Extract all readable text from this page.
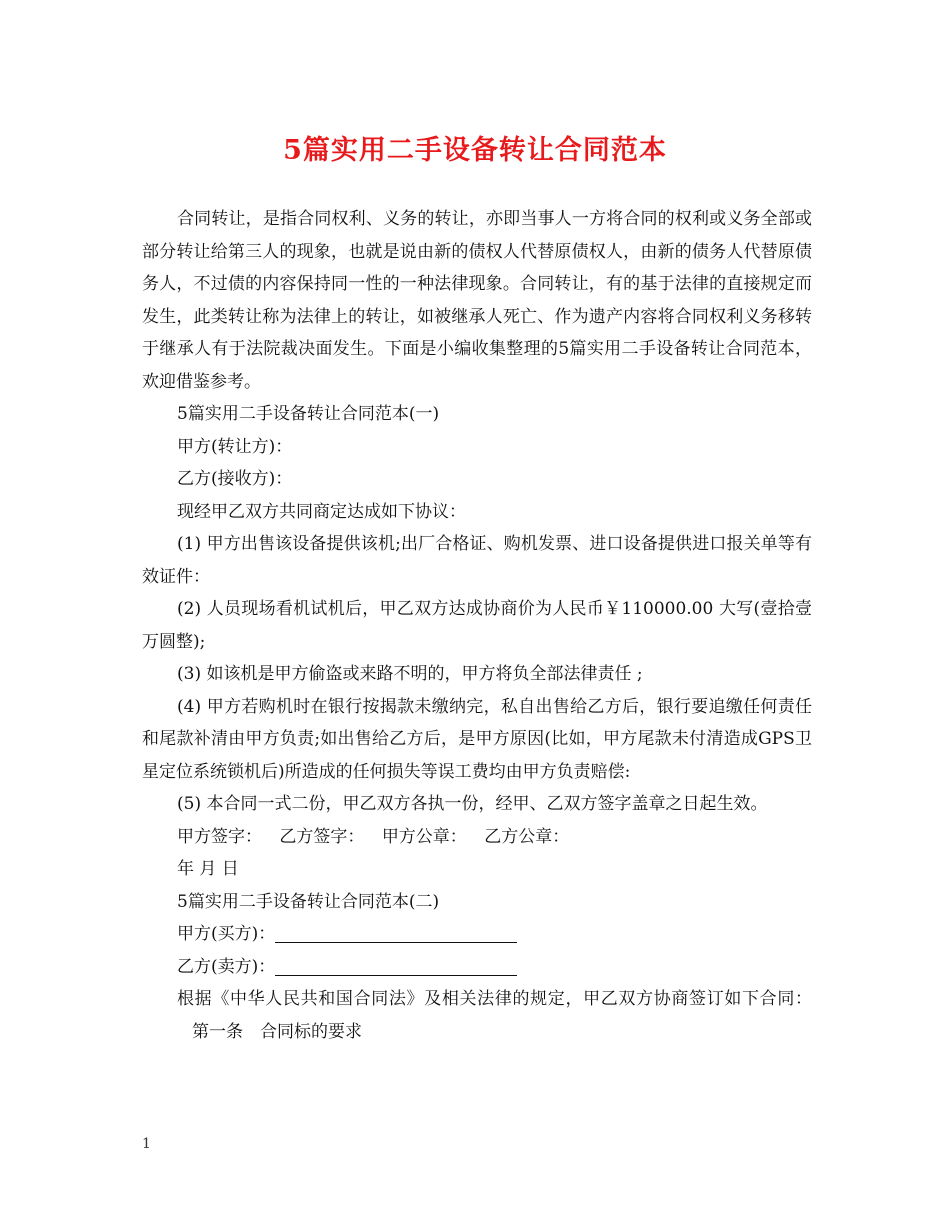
5篇实用二手设备转让合同范本

合同转让，是指合同权利、义务的转让，亦即当事人一方将合同的权利或义务全部或部分转让给第三人的现象，也就是说由新的债权人代替原债权人，由新的债务人代替原债务人，不过债的内容保持同一性的一种法律现象。合同转让，有的基于法律的直接规定而发生，此类转让称为法律上的转让，如被继承人死亡、作为遗产内容将合同权利义务移转于继承人有于法院裁决面发生。下面是小编收集整理的5篇实用二手设备转让合同范本，欢迎借鉴参考。

5篇实用二手设备转让合同范本(一)

甲方(转让方)：

乙方(接收方)：

现经甲乙双方共同商定达成如下协议：

(1) 甲方出售该设备提供该机;出厂合格证、购机发票、进口设备提供进口报关单等有效证件：

(2) 人员现场看机试机后，甲乙双方达成协商价为人民币￥110000.00 大写(壹拾壹万圆整);

(3) 如该机是甲方偷盗或来路不明的，甲方将负全部法律责任 ;

(4) 甲方若购机时在银行按揭款未缴纳完，私自出售给乙方后，银行要追缴任何责任和尾款补清由甲方负责;如出售给乙方后，是甲方原因(比如，甲方尾款未付清造成GPS卫星定位系统锁机后)所造成的任何损失等误工费均由甲方负责赔偿:

(5) 本合同一式二份，甲乙双方各执一份，经甲、乙双方签字盖章之日起生效。

甲方签字： 乙方签字： 甲方公章： 乙方公章：

年 月 日

5篇实用二手设备转让合同范本(二)

甲方(买方)：

乙方(卖方)：

根据《中华人民共和国合同法》及相关法律的规定，甲乙双方协商签订如下合同：第一条　合同标的要求

1
